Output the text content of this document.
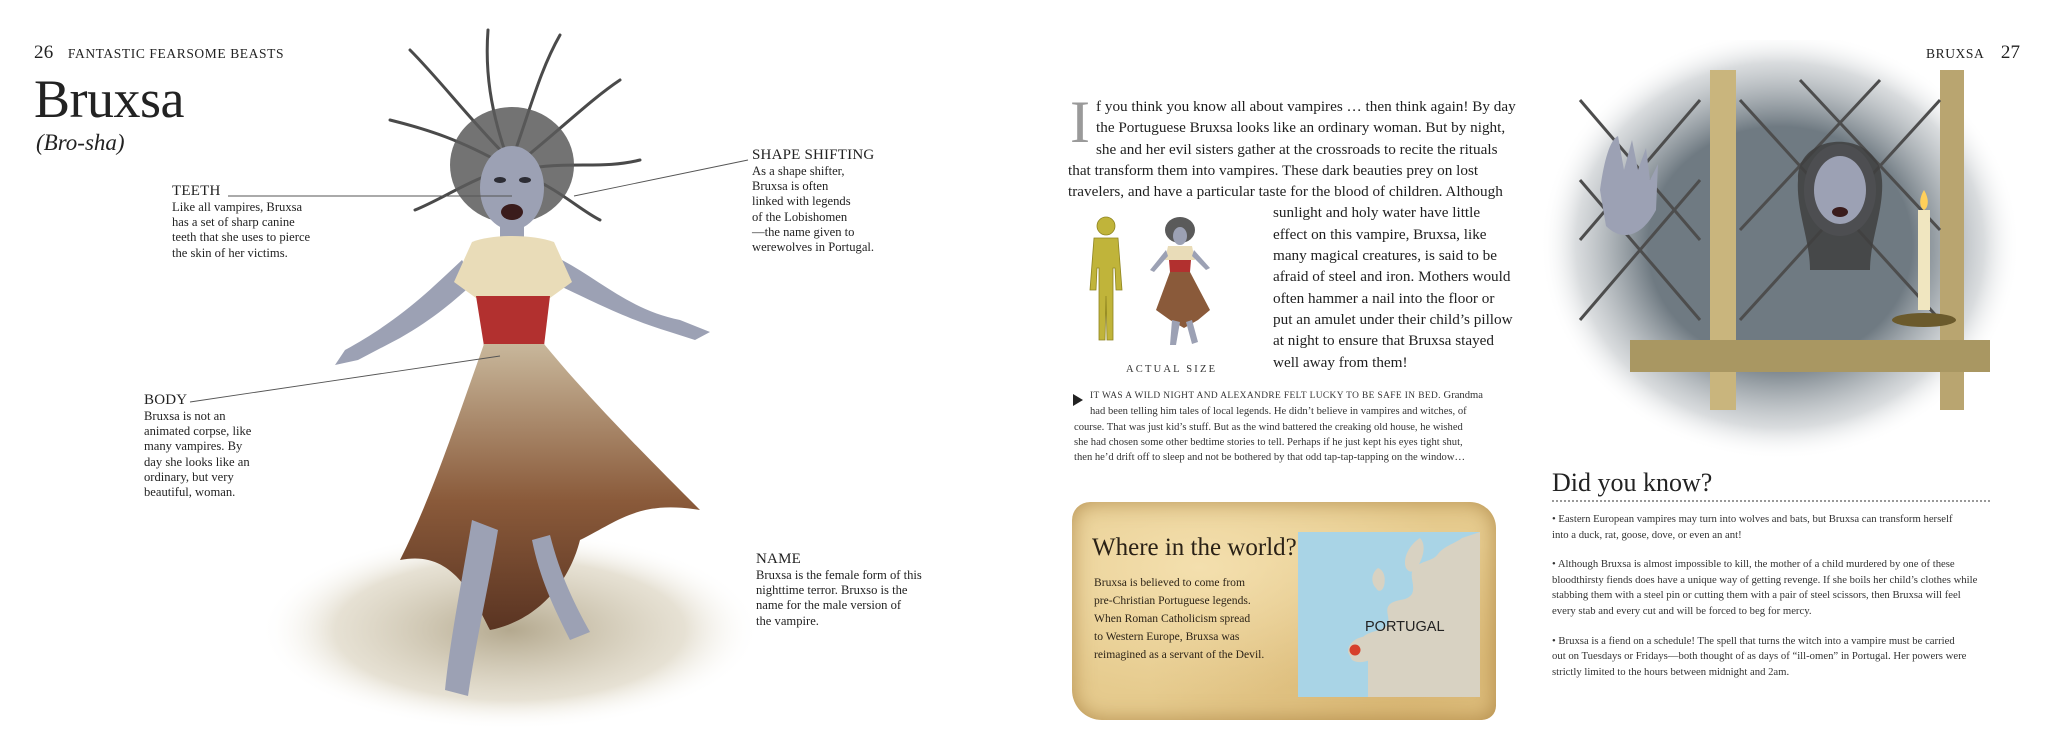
26 FANTASTIC FEARSOME BEASTS
Bruxsa
(Bro-sha)
TEETH
Like all vampires, Bruxsa
has a set of sharp canine
teeth that she uses to pierce
the skin of her victims.
SHAPE SHIFTING
As a shape shifter,
Bruxsa is often
linked with legends
of the Lobishomen
—the name given to
werewolves in Portugal.
BODY
Bruxsa is not an
animated corpse, like
many vampires. By
day she looks like an
ordinary, but very
beautiful, woman.
NAME
Bruxsa is the female form of this
nighttime terror. Bruxso is the
name for the male version of
the vampire.
BRUXSA 27
I f you think you know all about vampires … then think again! By day
the Portuguese Bruxsa looks like an ordinary woman. But by night,
she and her evil sisters gather at the crossroads to recite the rituals
that transform them into vampires. These dark beauties prey on lost
travelers, and have a particular taste for the blood of children. Although
sunlight and holy water have little
effect on this vampire, Bruxsa, like
many magical creatures, is said to be
afraid of steel and iron. Mothers would
often hammer a nail into the floor or
put an amulet under their child’s pillow
at night to ensure that Bruxsa stayed
well away from them!
ACTUAL SIZE
IT WAS A WILD NIGHT AND ALEXANDRE FELT LUCKY TO BE SAFE IN BED. Grandma
had been telling him tales of local legends. He didn’t believe in vampires and witches, of
course. That was just kid’s stuff. But as the wind battered the creaking old house, he wished
she had chosen some other bedtime stories to tell. Perhaps if he just kept his eyes tight shut,
then he’d drift off to sleep and not be bothered by that odd tap-tap-tapping on the window…
Where in the world?
Bruxsa is believed to come from
pre-Christian Portuguese legends.
When Roman Catholicism spread
to Western Europe, Bruxsa was
reimagined as a servant of the Devil.
PORTUGAL
Did you know?
• Eastern European vampires may turn into wolves and bats, but Bruxsa can transform herself
into a duck, rat, goose, dove, or even an ant!
• Although Bruxsa is almost impossible to kill, the mother of a child murdered by one of these
bloodthirsty fiends does have a unique way of getting revenge. If she boils her child’s clothes while
stabbing them with a steel pin or cutting them with a pair of steel scissors, then Bruxsa will feel
every stab and every cut and will be forced to beg for mercy.
• Bruxsa is a fiend on a schedule! The spell that turns the witch into a vampire must be carried
out on Tuesdays or Fridays—both thought of as days of “ill-omen” in Portugal. Her powers were
strictly limited to the hours between midnight and 2am.
